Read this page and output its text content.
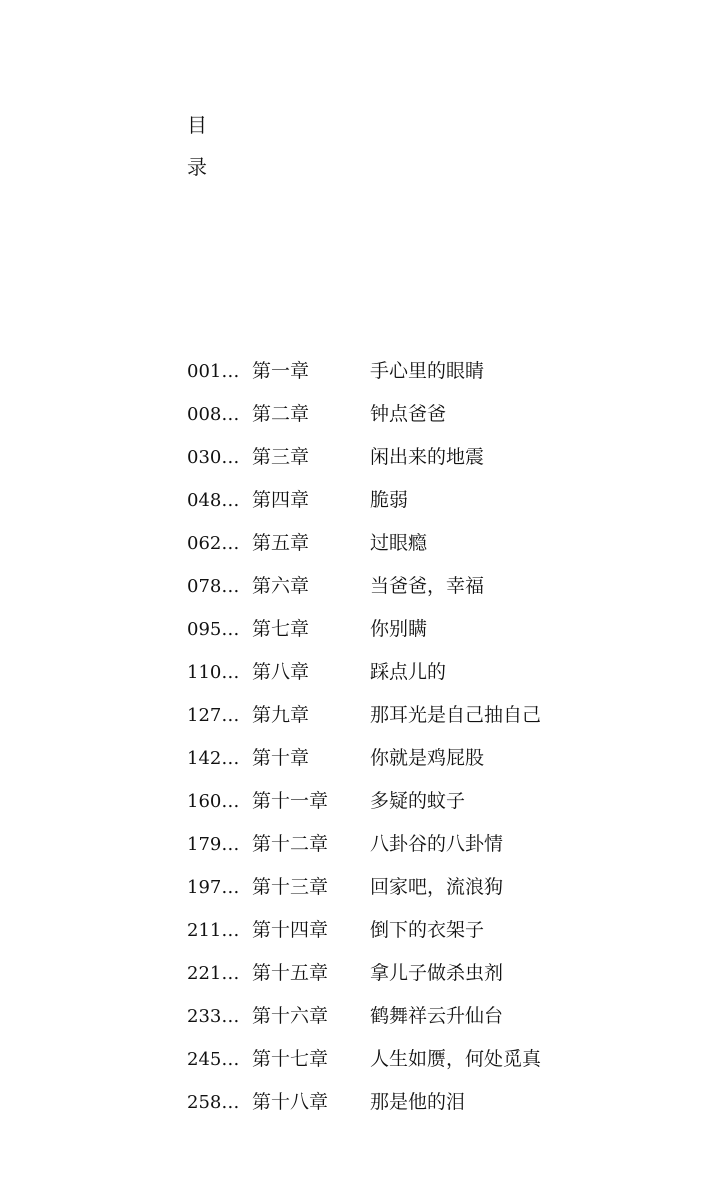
目
录
001… 第一章	手心里的眼睛
008… 第二章	钟点爸爸
030… 第三章	闲出来的地震
048… 第四章	脆弱
062… 第五章	过眼瘾
078… 第六章	当爸爸，幸福
095… 第七章	你别瞒
110… 第八章	踩点儿的
127… 第九章	那耳光是自己抽自己
142… 第十章	你就是鸡屁股
160… 第十一章 多疑的蚊子
179… 第十二章 八卦谷的八卦情
197… 第十三章 回家吧，流浪狗
211… 第十四章 倒下的衣架子
221… 第十五章 拿儿子做杀虫剂
233… 第十六章 鹤舞祥云升仙台
245… 第十七章 人生如赝，何处觅真
258… 第十八章 那是他的泪
